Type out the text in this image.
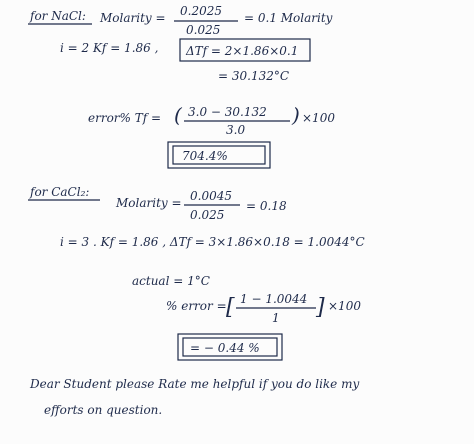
for NaCl: Molarity = 0.2025
0.025
= 0.1 Molarity
i = 2 Kf = 1.86 , ΔTf = 2×1.86×0.1
= 30.132°C
error% Tf = ( 3.0 − 30.132
3.0
) ×100
704.4%
for CaCl₂:
Molarity = 0.0045
0.025
= 0.18
i = 3 . Kf = 1.86 , ΔTf = 3×1.86×0.18 = 1.0044°C
actual = 1°C
% error = [ 1 − 1.0044
1 ] ×100
= − 0.44 %
Dear Student please Rate me helpful if you do like my
efforts on question.
